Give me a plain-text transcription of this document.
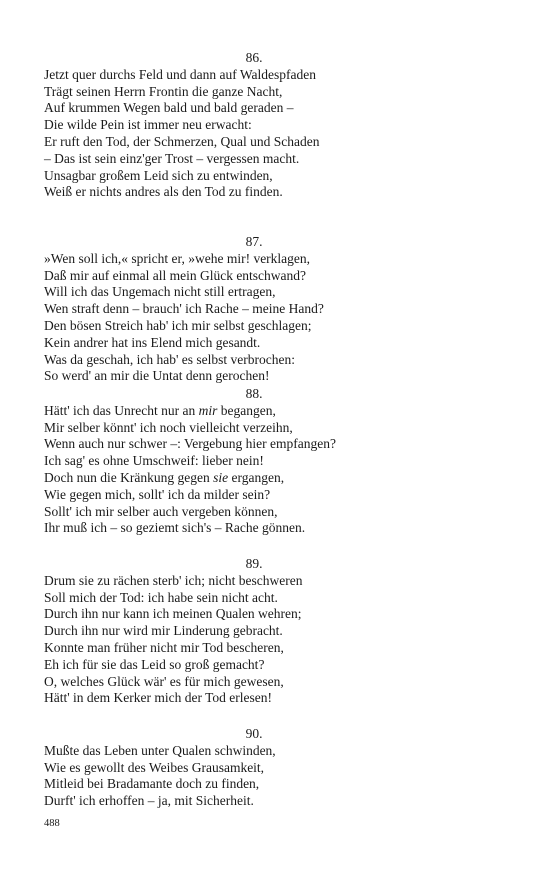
86.
Jetzt quer durchs Feld und dann auf Waldespfaden
Trägt seinen Herrn Frontin die ganze Nacht,
Auf krummen Wegen bald und bald geraden –
Die wilde Pein ist immer neu erwacht:
Er ruft den Tod, der Schmerzen, Qual und Schaden
– Das ist sein einz'ger Trost – vergessen macht.
Unsagbar großem Leid sich zu entwinden,
Weiß er nichts andres als den Tod zu finden.
87.
»Wen soll ich,« spricht er, »wehe mir! verklagen,
Daß mir auf einmal all mein Glück entschwand?
Will ich das Ungemach nicht still ertragen,
Wen straft denn – brauch' ich Rache – meine Hand?
Den bösen Streich hab' ich mir selbst geschlagen;
Kein andrer hat ins Elend mich gesandt.
Was da geschah, ich hab' es selbst verbrochen:
So werd' an mir die Untat denn gerochen!
88.
Hätt' ich das Unrecht nur an mir begangen,
Mir selber könnt' ich noch vielleicht verzeihn,
Wenn auch nur schwer –: Vergebung hier empfangen?
Ich sag' es ohne Umschweif: lieber nein!
Doch nun die Kränkung gegen sie ergangen,
Wie gegen mich, sollt' ich da milder sein?
Sollt' ich mir selber auch vergeben können,
Ihr muß ich – so geziemt sich's – Rache gönnen.
89.
Drum sie zu rächen sterb' ich; nicht beschweren
Soll mich der Tod: ich habe sein nicht acht.
Durch ihn nur kann ich meinen Qualen wehren;
Durch ihn nur wird mir Linderung gebracht.
Konnte man früher nicht mir Tod bescheren,
Eh ich für sie das Leid so groß gemacht?
O, welches Glück wär' es für mich gewesen,
Hätt' in dem Kerker mich der Tod erlesen!
90.
Mußte das Leben unter Qualen schwinden,
Wie es gewollt des Weibes Grausamkeit,
Mitleid bei Bradamante doch zu finden,
Durft' ich erhoffen – ja, mit Sicherheit.
488
